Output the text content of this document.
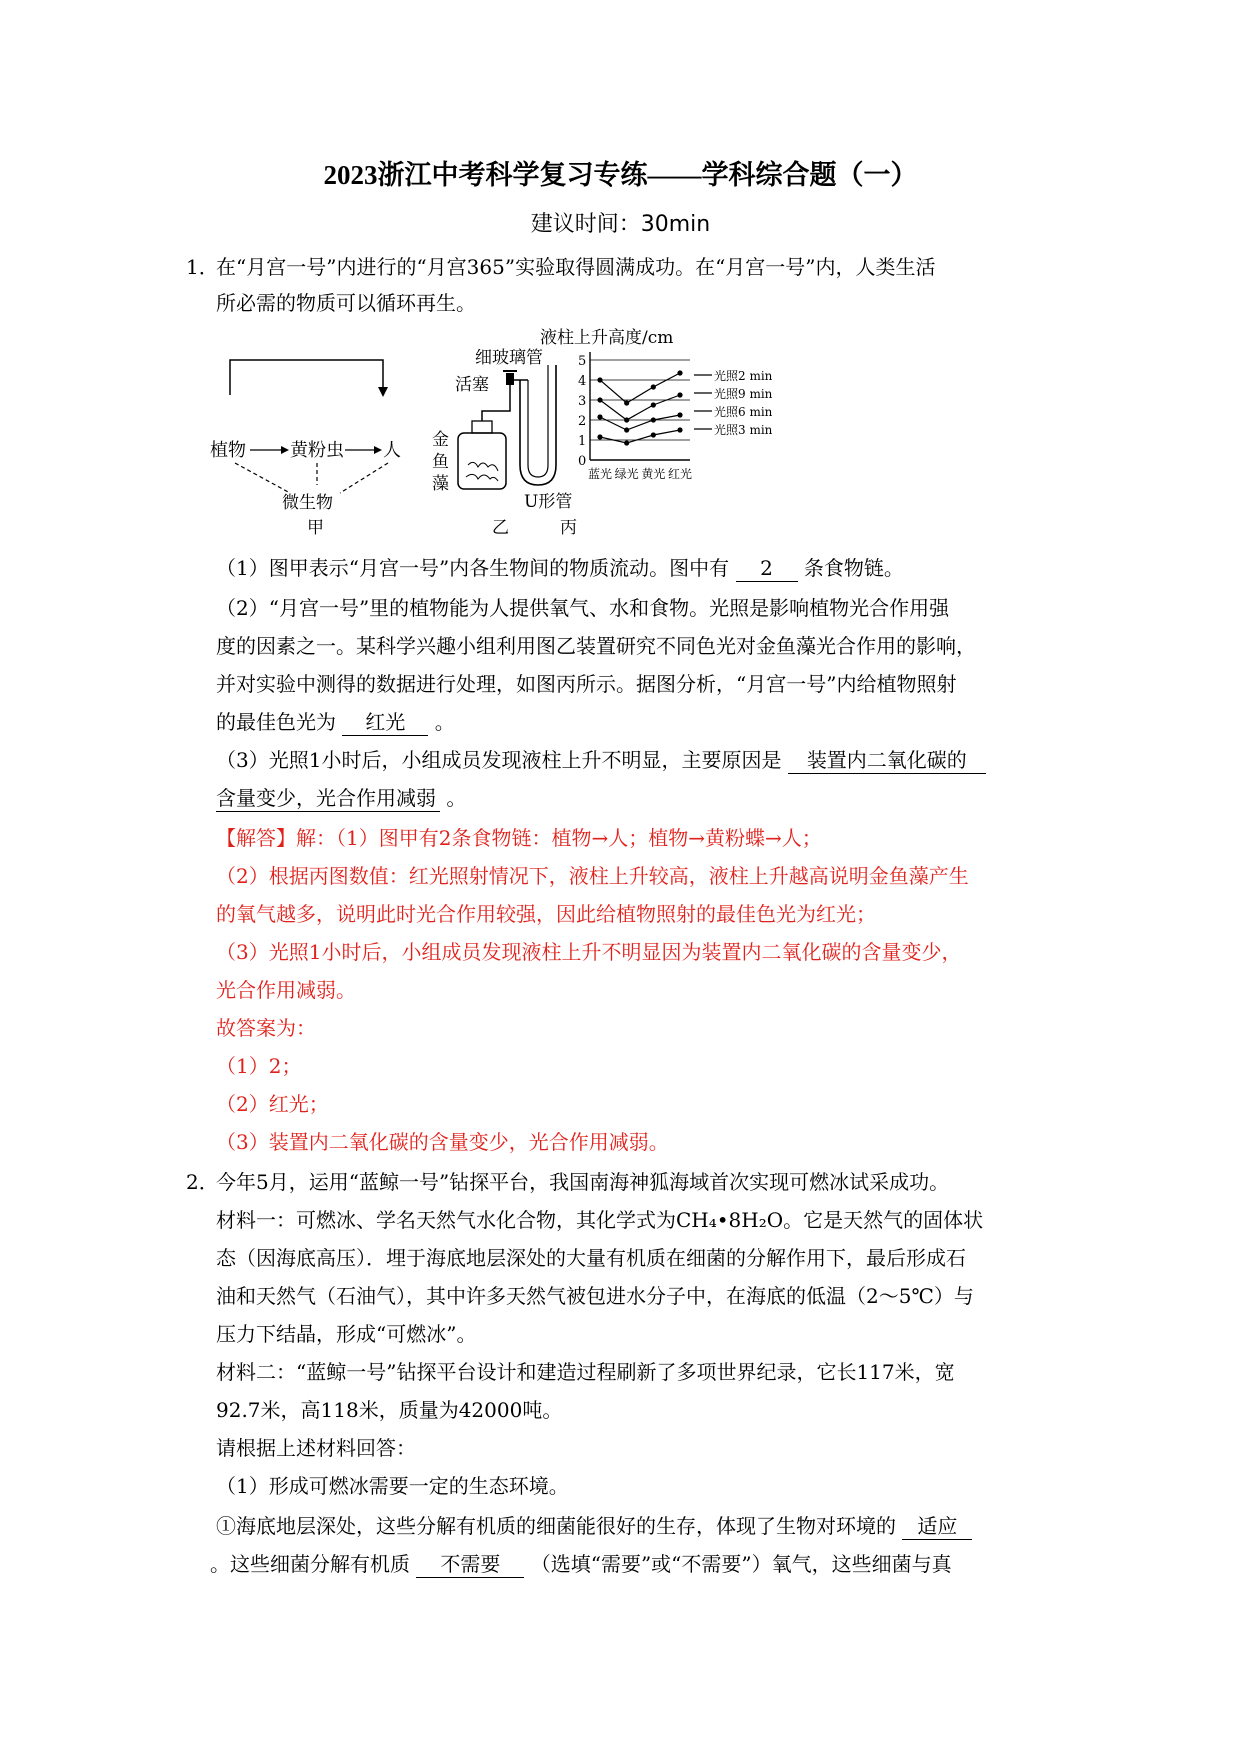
2023浙江中考科学复习专练——学科综合题（一）
建议时间：30min
1．
在“月宫一号”内进行的“月宫365”实验取得圆满成功。在“月宫一号”内，人类生活
所必需的物质可以循环再生。
植物 黄粉虫 人
微生物
甲
细玻璃管
活塞
金
鱼
藻
U形管
乙
液柱上升高度/cm
5
4
3
2
1
0
蓝光 绿光 黄光 红光
光照2 min
光照9 min
光照6 min
光照3 min
丙
（1）图甲表示“月宫一号”内各生物间的物质流动。图中有 2 条食物链。
（2）“月宫一号”里的植物能为人提供氧气、水和食物。光照是影响植物光合作用强
度的因素之一。某科学兴趣小组利用图乙装置研究不同色光对金鱼藻光合作用的影响，
并对实验中测得的数据进行处理，如图丙所示。据图分析，“月宫一号”内给植物照射
的最佳色光为 红光 。
（3）光照1小时后，小组成员发现液柱上升不明显，主要原因是 装置内二氧化碳的
含量变少，光合作用减弱 。
【解答】解：（1）图甲有2条食物链：植物→人；植物→黄粉蝶→人；
（2）根据丙图数值：红光照射情况下，液柱上升较高，液柱上升越高说明金鱼藻产生
的氧气越多，说明此时光合作用较强，因此给植物照射的最佳色光为红光；
（3）光照1小时后，小组成员发现液柱上升不明显因为装置内二氧化碳的含量变少，
光合作用减弱。
故答案为：
（1）2；
（2）红光；
（3）装置内二氧化碳的含量变少，光合作用减弱。
2．
今年5月，运用“蓝鲸一号”钻探平台，我国南海神狐海域首次实现可燃冰试采成功。
材料一：可燃冰、学名天然气水化合物，其化学式为CH₄•8H₂O。它是天然气的固体状
态（因海底高压）．埋于海底地层深处的大量有机质在细菌的分解作用下，最后形成石
油和天然气（石油气），其中许多天然气被包进水分子中，在海底的低温（2～5℃）与
压力下结晶，形成“可燃冰”。
材料二：“蓝鲸一号”钻探平台设计和建造过程刷新了多项世界纪录，它长117米，宽
92.7米，高118米，质量为42000吨。
请根据上述材料回答：
（1）形成可燃冰需要一定的生态环境。
①海底地层深处，这些分解有机质的细菌能很好的生存，体现了生物对环境的 适应
。这些细菌分解有机质 不需要 （选填“需要”或“不需要”）氧气，这些细菌与真
